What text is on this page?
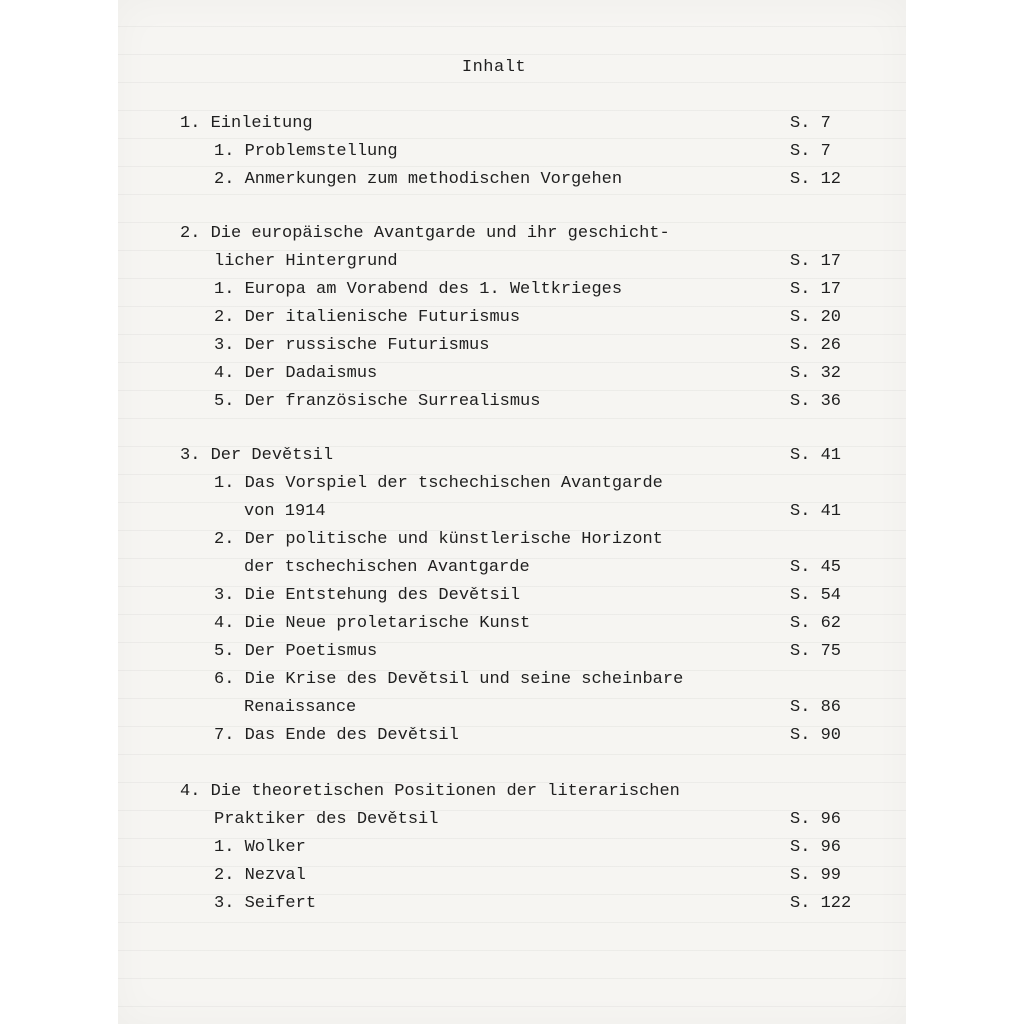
Inhalt
1. Einleitung	S. 7
1. Problemstellung	S. 7
2. Anmerkungen zum methodischen Vorgehen	S. 12
2. Die europäische Avantgarde und ihr geschicht-
licher Hintergrund	S. 17
1. Europa am Vorabend des 1. Weltkrieges	S. 17
2. Der italienische Futurismus	S. 20
3. Der russische Futurismus	S. 26
4. Der Dadaismus	S. 32
5. Der französische Surrealismus	S. 36
3. Der Devětsil	S. 41
1. Das Vorspiel der tschechischen Avantgarde
von 1914	S. 41
2. Der politische und künstlerische Horizont
der tschechischen Avantgarde	S. 45
3. Die Entstehung des Devětsil	S. 54
4. Die Neue proletarische Kunst	S. 62
5. Der Poetismus	S. 75
6. Die Krise des Devětsil und seine scheinbare
Renaissance	S. 86
7. Das Ende des Devětsil	S. 90
4. Die theoretischen Positionen der literarischen
Praktiker des Devětsil	S. 96
1. Wolker	S. 96
2. Nezval	S. 99
3. Seifert	S. 122
